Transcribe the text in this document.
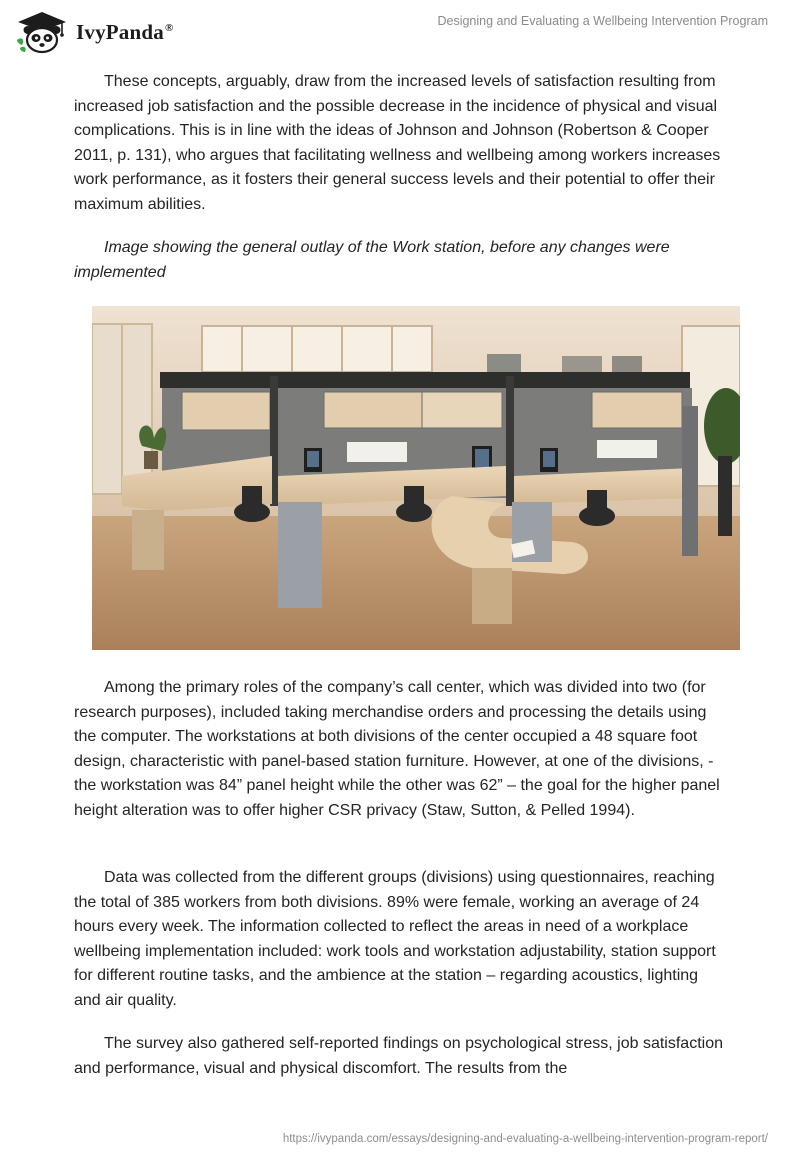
IvyPanda®	Designing and Evaluating a Wellbeing Intervention Program

These concepts, arguably, draw from the increased levels of satisfaction resulting from increased job satisfaction and the possible decrease in the incidence of physical and visual complications. This is in line with the ideas of Johnson and Johnson (Robertson & Cooper 2011, p. 131), who argues that facilitating wellness and wellbeing among workers increases work performance, as it fosters their general success levels and their potential to offer their maximum abilities.

Image showing the general outlay of the Work station, before any changes were implemented

Among the primary roles of the company’s call center, which was divided into two (for research purposes), included taking merchandise orders and processing the details using the computer. The workstations at both divisions of the center occupied a 48 square foot design, characteristic with panel-based station furniture. However, at one of the divisions, - the workstation was 84” panel height while the other was 62” – the goal for the higher panel height alteration was to offer higher CSR privacy (Staw, Sutton, & Pelled 1994).

Data was collected from the different groups (divisions) using questionnaires, reaching the total of 385 workers from both divisions. 89% were female, working an average of 24 hours every week. The information collected to reflect the areas in need of a workplace wellbeing implementation included: work tools and workstation adjustability, station support for different routine tasks, and the ambience at the station – regarding acoustics, lighting and air quality.

The survey also gathered self-reported findings on psychological stress, job satisfaction and performance, visual and physical discomfort. The results from the

https://ivypanda.com/essays/designing-and-evaluating-a-wellbeing-intervention-program-report/
